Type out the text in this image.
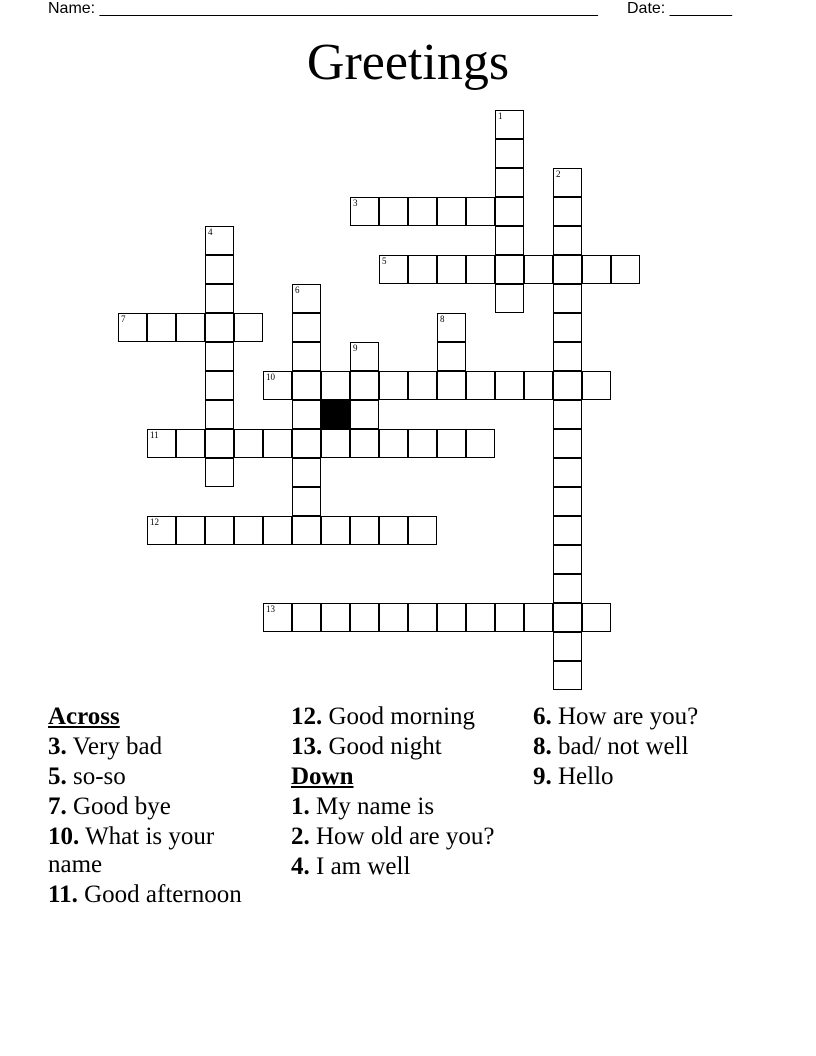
Name: ________________________________________________________ Date: _______
Greetings
1
2
3
4
5
6
7	8
9
10
11
12
13
Across
3. Very bad
5. so-so
7. Good bye
10. What is your name
11. Good afternoon
12. Good morning
13. Good night
Down
1. My name is
2. How old are you?
4. I am well
6. How are you?
8. bad/ not well
9. Hello
